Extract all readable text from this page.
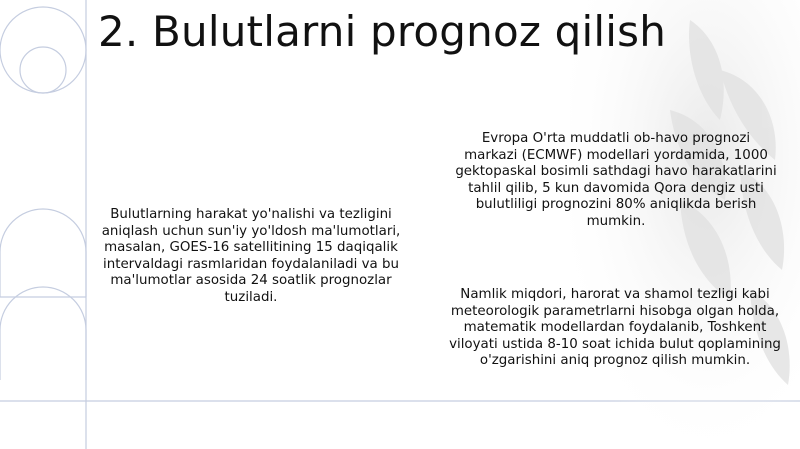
2. Bulutlarni prognoz qilish

Bulutlarning harakat yo'nalishi va tezligini aniqlash uchun sun'iy yo'ldosh ma'lumotlari, masalan, GOES-16 satellitining 15 daqiqalik intervaldagi rasmlaridan foydalaniladi va bu ma'lumotlar asosida 24 soatlik prognozlar tuziladi.

Evropa O'rta muddatli ob-havo prognozi markazi (ECMWF) modellari yordamida, 1000 gektopaskal bosimli sathdagi havo harakatlarini tahlil qilib, 5 kun davomida Qora dengiz usti bulutliligi prognozini 80% aniqlikda berish mumkin.

Namlik miqdori, harorat va shamol tezligi kabi meteorologik parametrlarni hisobga olgan holda, matematik modellardan foydalanib, Toshkent viloyati ustida 8-10 soat ichida bulut qoplamining o'zgarishini aniq prognoz qilish mumkin.
